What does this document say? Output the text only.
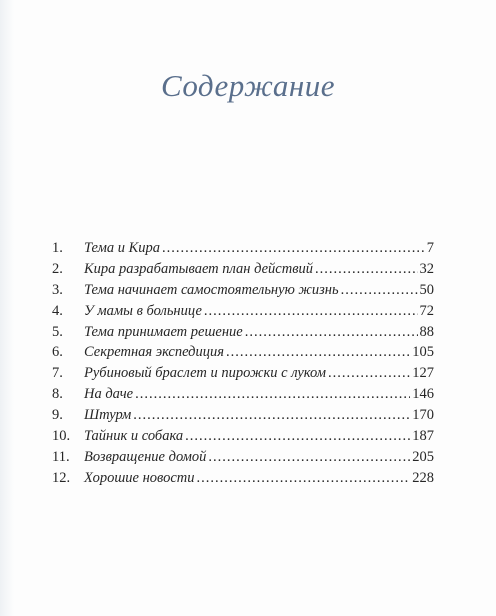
Содержание
1.	Тема и Кира .....	7
2.	Кира разрабатывает план действий .....	32
3.	Тема начинает самостоятельную жизнь .....	50
4.	У мамы в больнице .....	72
5.	Тема принимает решение .....	88
6.	Секретная экспедиция .....	105
7.	Рубиновый браслет и пирожки с луком .....	127
8.	На даче .....	146
9.	Штурм .....	170
10. Тайник и собака .....	187
11. Возвращение домой .....	205
12. Хорошие новости .....	228
